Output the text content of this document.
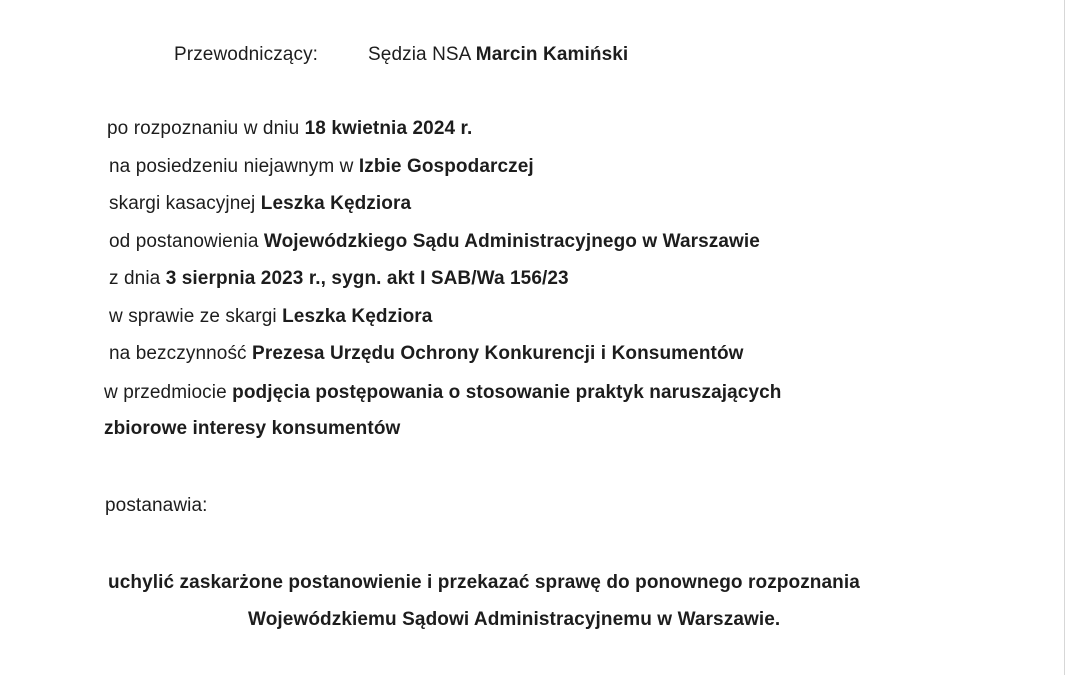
Przewodniczący:	Sędzia NSA Marcin Kamiński
po rozpoznaniu w dniu 18 kwietnia 2024 r.
na posiedzeniu niejawnym w Izbie Gospodarczej
skargi kasacyjnej Leszka Kędziora
od postanowienia Wojewódzkiego Sądu Administracyjnego w Warszawie
z dnia 3 sierpnia 2023 r., sygn. akt I SAB/Wa 156/23
w sprawie ze skargi Leszka Kędziora
na bezczynność Prezesa Urzędu Ochrony Konkurencji i Konsumentów
w przedmiocie podjęcia postępowania o stosowanie praktyk naruszających
zbiorowe interesy konsumentów
postanawia:
uchylić zaskarżone postanowienie i przekazać sprawę do ponownego rozpoznania
Wojewódzkiemu Sądowi Administracyjnemu w Warszawie.
